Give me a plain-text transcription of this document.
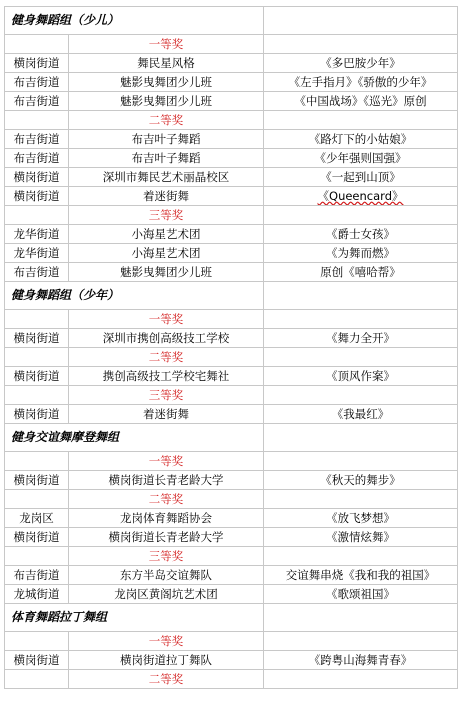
健身舞蹈组（少儿）		
	一等奖	
横岗街道	舞民星风格	《多巴胺少年》
布吉街道	魅影曳舞团少儿班	《左手指月》《骄傲的少年》
布吉街道	魅影曳舞团少儿班	《中国战场》《巡光》原创
	二等奖	
布吉街道	布吉叶子舞蹈	《路灯下的小姑娘》
布吉街道	布吉叶子舞蹈	《少年强则国强》
横岗街道	深圳市舞民艺术丽晶校区	《一起到山顶》
横岗街道	着迷街舞	《Queencard》
	三等奖	
龙华街道	小海星艺术团	《爵士女孩》
龙华街道	小海星艺术团	《为舞而燃》
布吉街道	魅影曳舞团少儿班	原创《嘻哈帮》
健身舞蹈组（少年）		
	一等奖	
横岗街道	深圳市携创高级技工学校	《舞力全开》
	二等奖	
横岗街道	携创高级技工学校宅舞社	《顶风作案》
	三等奖	
横岗街道	着迷街舞	《我最红》
健身交谊舞摩登舞组		
	一等奖	
横岗街道	横岗街道长青老龄大学	《秋天的舞步》
	二等奖	
龙岗区	龙岗体育舞蹈协会	《放飞梦想》
横岗街道	横岗街道长青老龄大学	《激情炫舞》
	三等奖	
布吉街道	东方半岛交谊舞队	交谊舞串烧《我和我的祖国》
龙城街道	龙岗区黄阁坑艺术团	《歌颂祖国》
体育舞蹈拉丁舞组		
	一等奖	
横岗街道	横岗街道拉丁舞队	《跨粤山海舞青春》
	二等奖	
